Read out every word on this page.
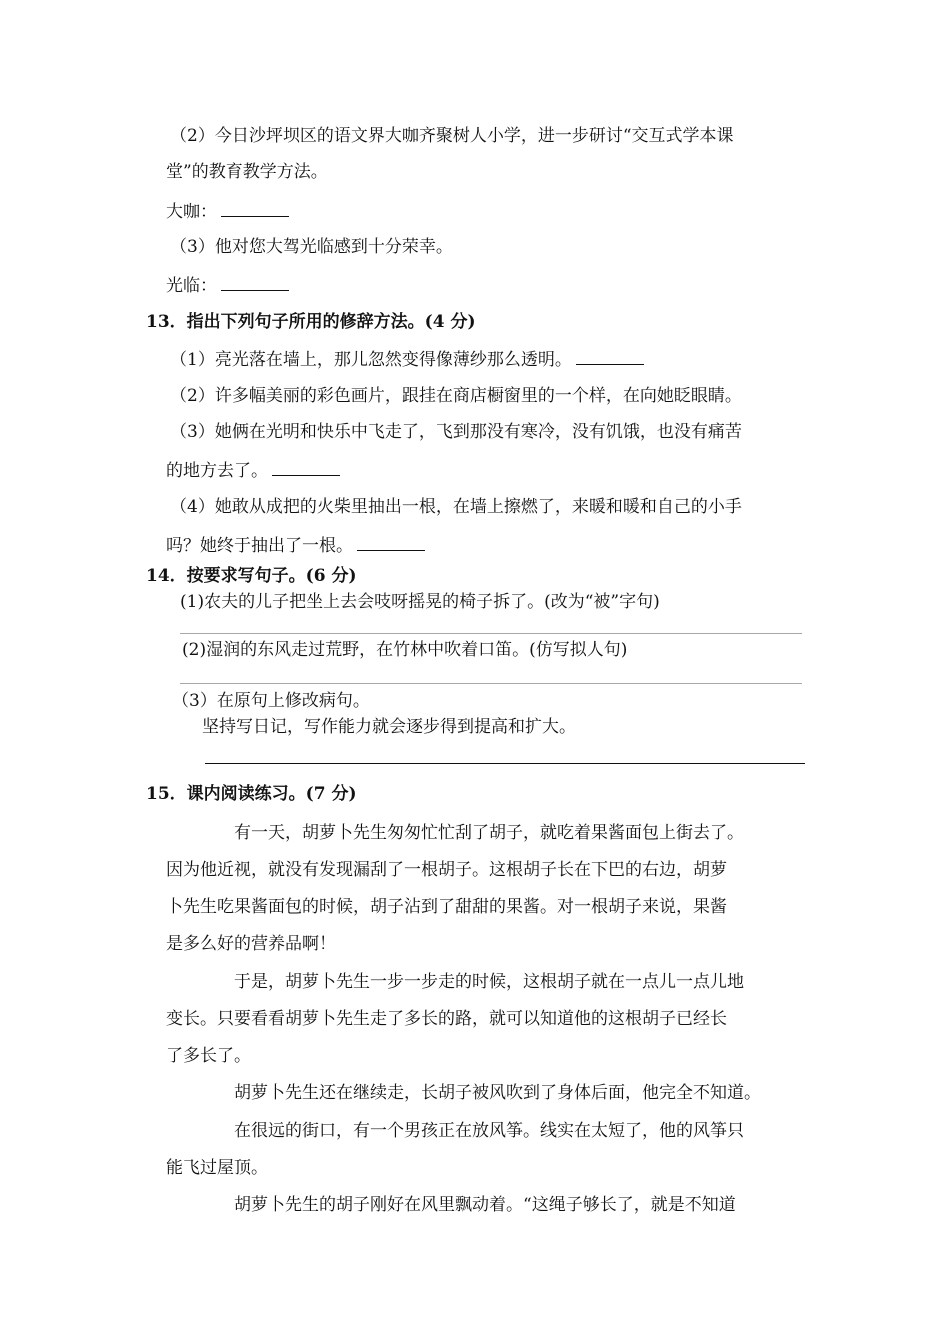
（2）今日沙坪坝区的语文界大咖齐聚树人小学，进一步研讨“交互式学本课
堂”的教育教学方法。
大咖：
（3）他对您大驾光临感到十分荣幸。
光临：
13．指出下列句子所用的修辞方法。(4 分)
（1）亮光落在墙上，那儿忽然变得像薄纱那么透明。
（2）许多幅美丽的彩色画片，跟挂在商店橱窗里的一个样，在向她眨眼睛。
（3）她俩在光明和快乐中飞走了，飞到那没有寒冷，没有饥饿，也没有痛苦
的地方去了。
（4）她敢从成把的火柴里抽出一根，在墙上擦燃了，来暖和暖和自己的小手
吗？她终于抽出了一根。
14．按要求写句子。(6 分)
(1)农夫的儿子把坐上去会吱呀摇晃的椅子拆了。(改为“被”字句)
(2)湿润的东风走过荒野，在竹林中吹着口笛。(仿写拟人句)
（3）在原句上修改病句。
坚持写日记，写作能力就会逐步得到提高和扩大。
15．课内阅读练习。(7 分)
有一天，胡萝卜先生匆匆忙忙刮了胡子，就吃着果酱面包上街去了。
因为他近视，就没有发现漏刮了一根胡子。这根胡子长在下巴的右边，胡萝
卜先生吃果酱面包的时候，胡子沾到了甜甜的果酱。对一根胡子来说，果酱
是多么好的营养品啊！
于是，胡萝卜先生一步一步走的时候，这根胡子就在一点儿一点儿地
变长。只要看看胡萝卜先生走了多长的路，就可以知道他的这根胡子已经长
了多长了。
胡萝卜先生还在继续走，长胡子被风吹到了身体后面，他完全不知道。
在很远的街口，有一个男孩正在放风筝。线实在太短了，他的风筝只
能飞过屋顶。
胡萝卜先生的胡子刚好在风里飘动着。“这绳子够长了，就是不知道
